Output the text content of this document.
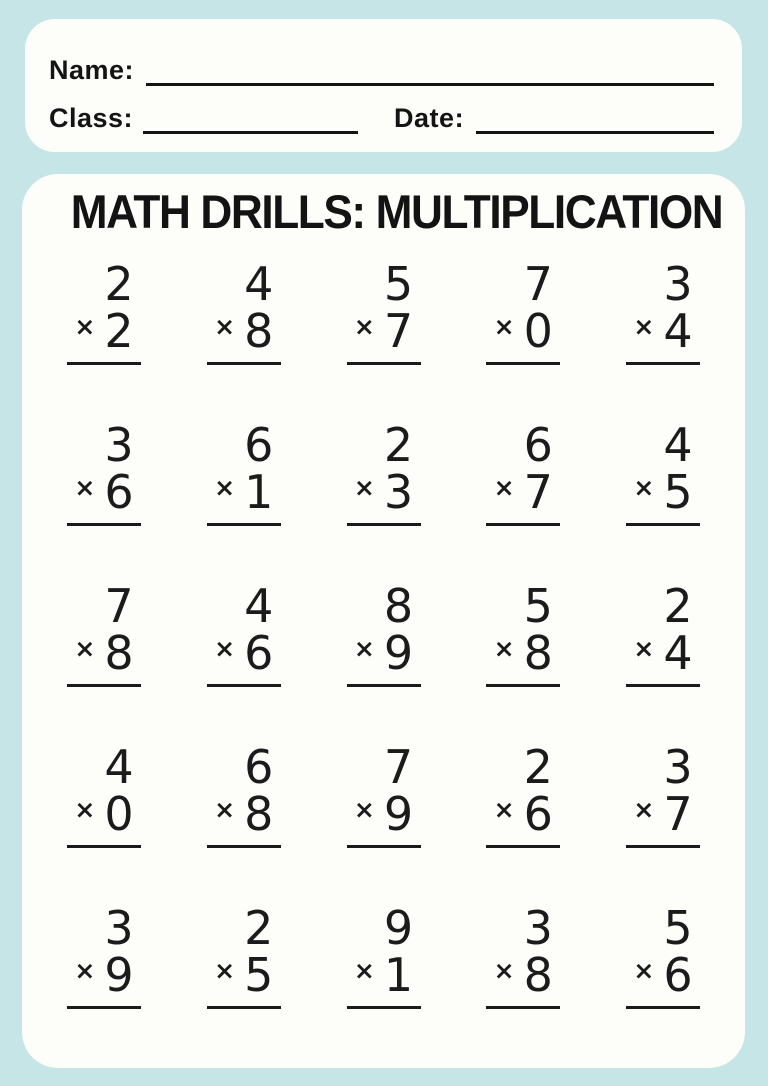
Name:
Class:	Date:
MATH DRILLS: MULTIPLICATION
2
× 2
4
× 8
5
× 7
7
× 0
3
× 4
3
× 6
6
× 1
2
× 3
6
× 7
4
× 5
7
× 8
4
× 6
8
× 9
5
× 8
2
× 4
4
× 0
6
× 8
7
× 9
2
× 6
3
× 7
3
× 9
2
× 5
9
× 1
3
× 8
5
× 6
